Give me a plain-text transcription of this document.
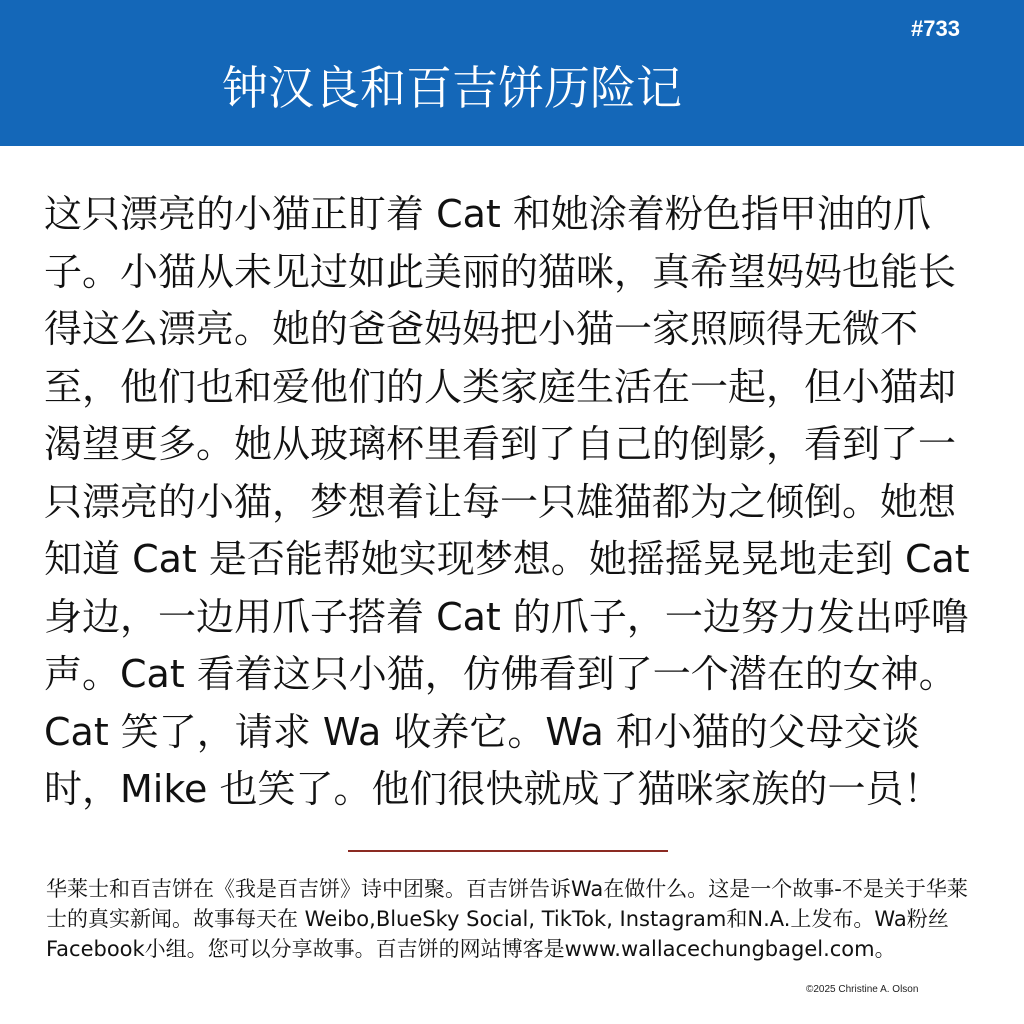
#733
钟汉良和百吉饼历险记
这只漂亮的小猫正盯着 Cat 和她涂着粉色指甲油的爪子。小猫从未见过如此美丽的猫咪，真希望妈妈也能长得这么漂亮。她的爸爸妈妈把小猫一家照顾得无微不至，他们也和爱他们的人类家庭生活在一起，但小猫却渴望更多。她从玻璃杯里看到了自己的倒影，看到了一只漂亮的小猫，梦想着让每一只雄猫都为之倾倒。她想知道 Cat 是否能帮她实现梦想。她摇摇晃晃地走到 Cat 身边，一边用爪子搭着 Cat 的爪子，一边努力发出呼噜声。Cat 看着这只小猫，仿佛看到了一个潜在的女神。Cat 笑了，请求 Wa 收养它。Wa 和小猫的父母交谈时，Mike 也笑了。他们很快就成了猫咪家族的一员！
华莱士和百吉饼在《我是百吉饼》诗中团聚。百吉饼告诉Wa在做什么。这是一个故事-不是关于华莱士的真实新闻。故事每天在 Weibo,BlueSky Social, TikTok, Instagram和N.A.上发布。Wa粉丝Facebook小组。您可以分享故事。百吉饼的网站博客是www.wallacechungbagel.com。
©2025 Christine A. Olson
